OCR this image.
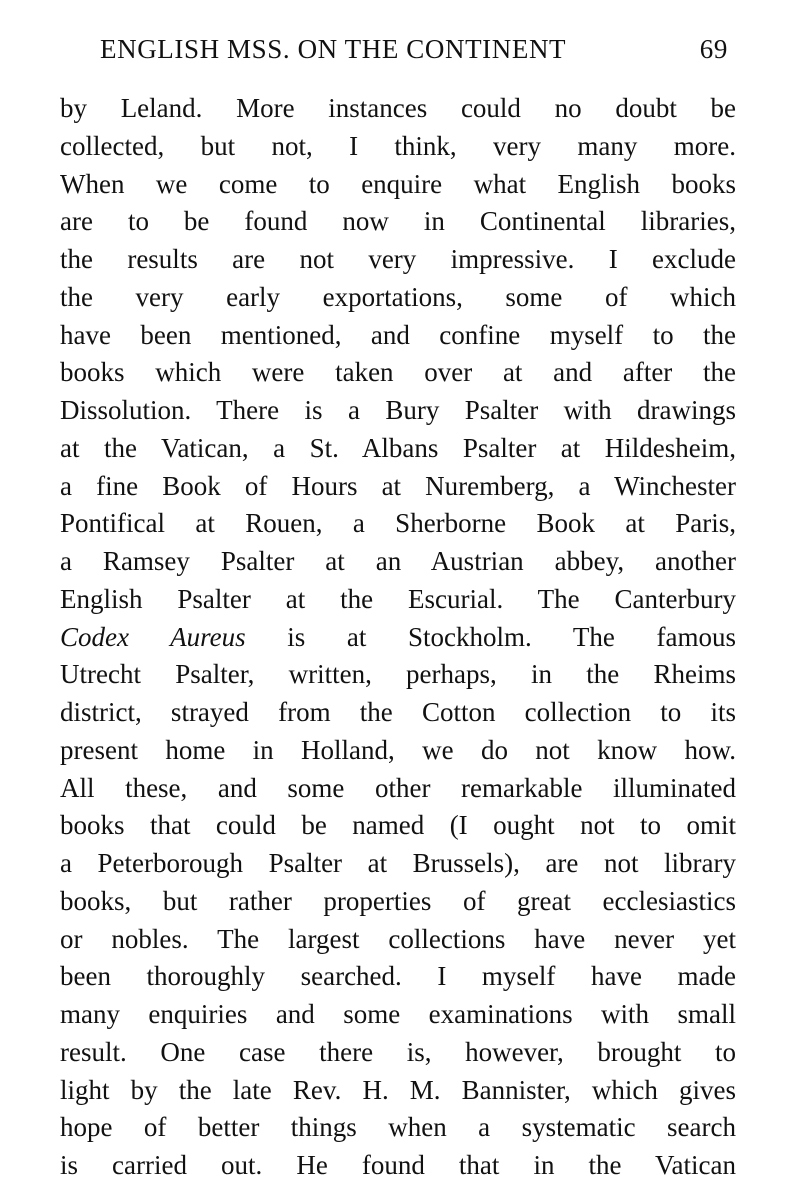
ENGLISH MSS. ON THE CONTINENT	69
by Leland. More instances could no doubt be
collected, but not, I think, very many more.
When we come to enquire what English books
are to be found now in Continental libraries,
the results are not very impressive. I exclude
the very early exportations, some of which
have been mentioned, and confine myself to the
books which were taken over at and after the
Dissolution. There is a Bury Psalter with drawings
at the Vatican, a St. Albans Psalter at Hildesheim,
a fine Book of Hours at Nuremberg, a Winchester
Pontifical at Rouen, a Sherborne Book at Paris,
a Ramsey Psalter at an Austrian abbey, another
English Psalter at the Escurial. The Canterbury
Codex Aureus is at Stockholm. The famous
Utrecht Psalter, written, perhaps, in the Rheims
district, strayed from the Cotton collection to its
present home in Holland, we do not know how.
All these, and some other remarkable illuminated
books that could be named (I ought not to omit
a Peterborough Psalter at Brussels), are not library
books, but rather properties of great ecclesiastics
or nobles. The largest collections have never yet
been thoroughly searched. I myself have made
many enquiries and some examinations with small
result. One case there is, however, brought to
light by the late Rev. H. M. Bannister, which gives
hope of better things when a systematic search
is carried out. He found that in the Vatican
